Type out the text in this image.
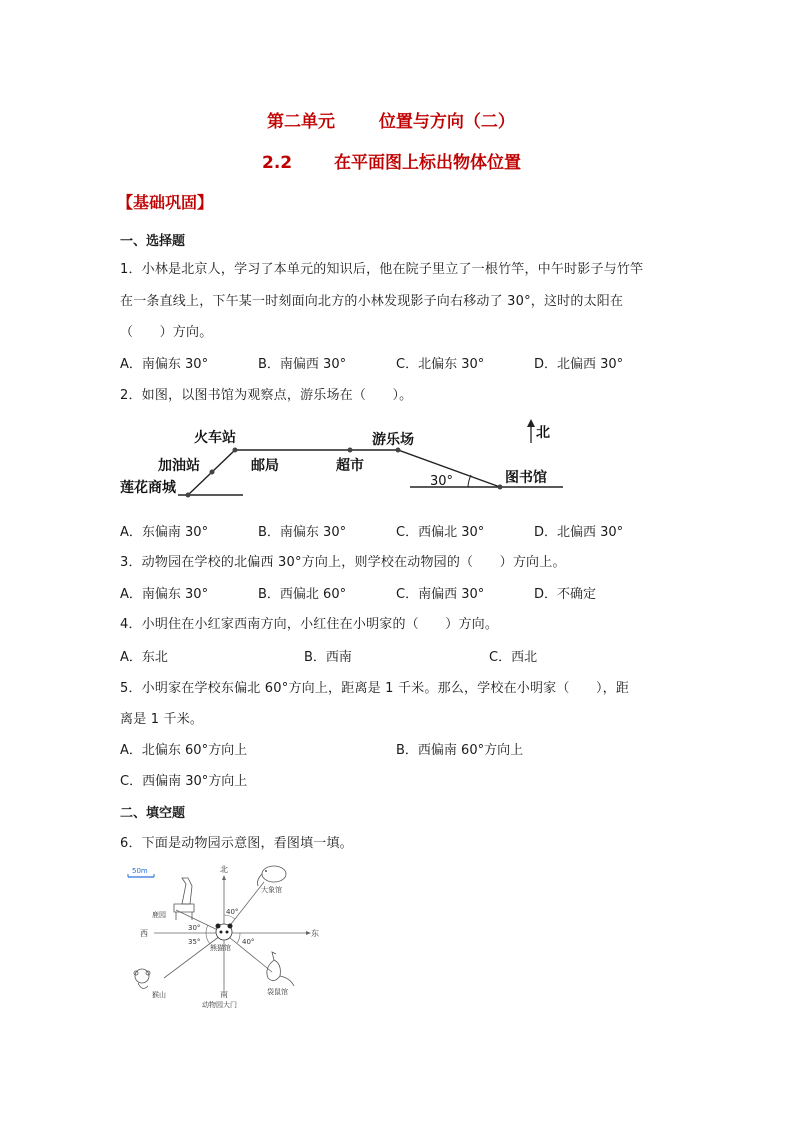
第二单元	位置与方向（二）
2.2 在平面图上标出物体位置
【基础巩固】
一、选择题
1．小林是北京人，学习了本单元的知识后，他在院子里立了一根竹竿，中午时影子与竹竿
在一条直线上，下午某一时刻面向北方的小林发现影子向右移动了 30°，这时的太阳在
（　　）方向。
A．南偏东 30°	B．南偏西 30°	C．北偏东 30°	D．北偏西 30°
2．如图，以图书馆为观察点，游乐场在（　　）。
火车站
加油站
莲花商城
邮局	超市
游乐场
图书馆
北
30°
A．东偏南 30°	B．南偏东 30°	C．西偏北 30°	D．北偏西 30°
3．动物园在学校的北偏西 30°方向上，则学校在动物园的（　　）方向上。
A．南偏东 30°	B．西偏北 60°	C．南偏西 30°	D．不确定
4．小明住在小红家西南方向，小红住在小明家的（　　）方向。
A．东北	B．西南	C．西北
5．小明家在学校东偏北 60°方向上，距离是 1 千米。那么，学校在小明家（　　），距
离是 1 千米。
A．北偏东 60°方向上	B．西偏南 60°方向上
C．西偏南 30°方向上
二、填空题
6．下面是动物园示意图，看图填一填。
50m	北
西	东
南
40°
30°
35°	40°
大象馆
鹿园
熊猫馆
猴山	袋鼠馆
动物园大门
